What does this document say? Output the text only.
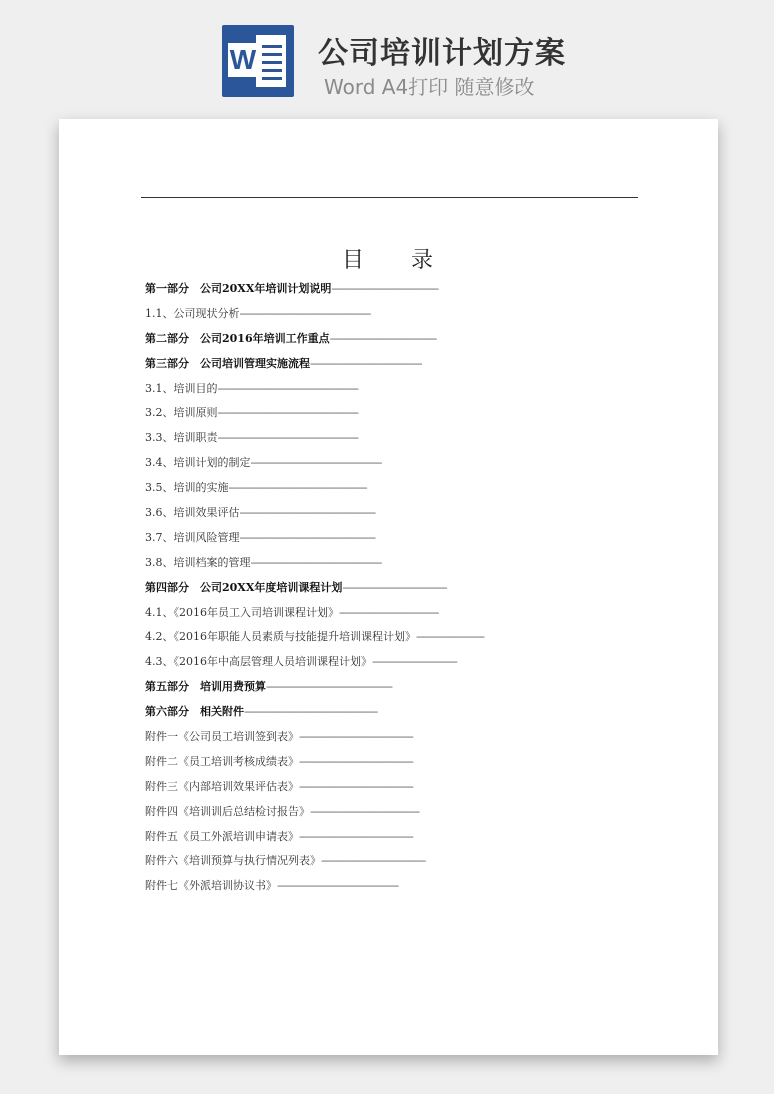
W 公司培训计划方案
Word A4打印 随意修改
目 录
第一部分　公司20XX年培训计划说明--------------------------------------------
1.1、公司现状分析------------------------------------------------------
第二部分　公司2016年培训工作重点--------------------------------------------
第三部分　公司培训管理实施流程----------------------------------------------
3.1、培训目的----------------------------------------------------------
3.2、培训原则----------------------------------------------------------
3.3、培训职责----------------------------------------------------------
3.4、培训计划的制定------------------------------------------------------
3.5、培训的实施---------------------------------------------------------
3.6、培训效果评估--------------------------------------------------------
3.7、培训风险管理--------------------------------------------------------
3.8、培训档案的管理------------------------------------------------------
第四部分　公司20XX年度培训课程计划-------------------------------------------
4.1、《2016年员工入司培训课程计划》-----------------------------------------
4.2、《2016年职能人员素质与技能提升培训课程计划》----------------------------
4.3、《2016年中高层管理人员培训课程计划》-----------------------------------
第五部分　培训用费预算----------------------------------------------------
第六部分　相关附件-------------------------------------------------------
附件一《公司员工培训签到表》-----------------------------------------------
附件二《员工培训考核成绩表》-----------------------------------------------
附件三《内部培训效果评估表》-----------------------------------------------
附件四《培训训后总结检讨报告》---------------------------------------------
附件五《员工外派培训申请表》-----------------------------------------------
附件六《培训预算与执行情况列表》-------------------------------------------
附件七《外派培训协议书》--------------------------------------------------
